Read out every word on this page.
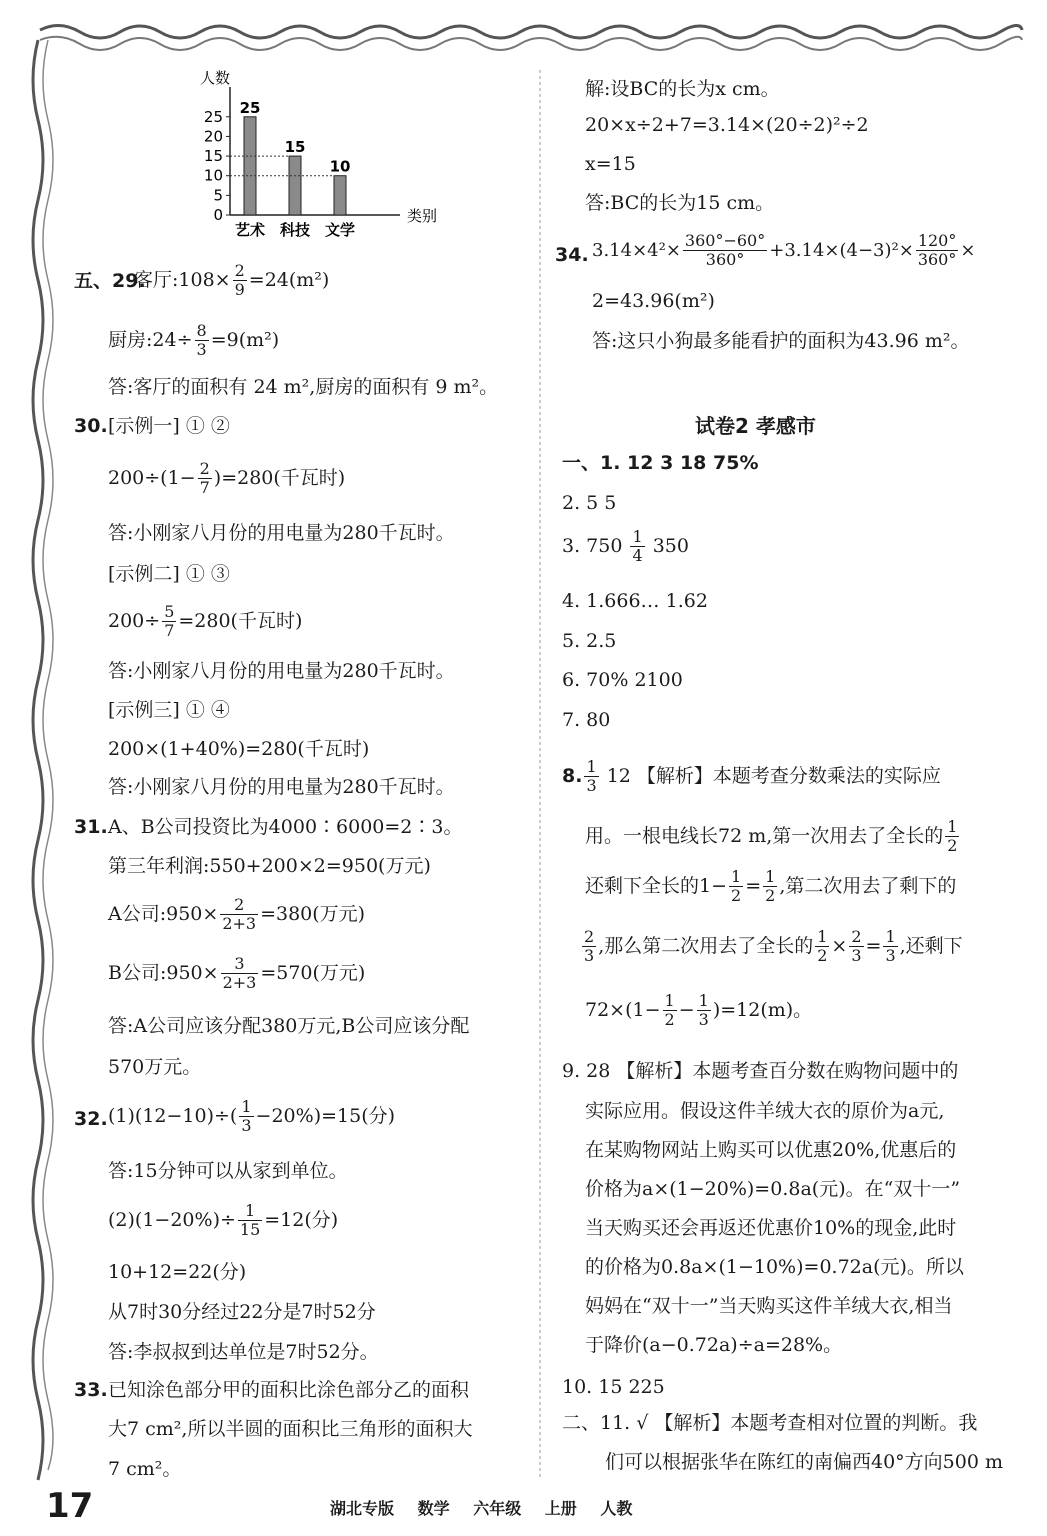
人数
类别
0
5
10
15
20
25 25
艺术
15
科技
10
文学
五、29.
客厅:108× $\frac{2}{9} =24(m^2)$
厨房:24÷ $\frac{8}{3} =9(m^2)$
答:客厅的面积有 24 m²,厨房的面积有 9 m²。
30. [示例一] ① ②
$200\div(1- \frac{2}{7} )=280$(千瓦时)
答:小刚家八月份的用电量为280千瓦时。
[示例二] ① ③
$200\div \frac{5}{7} =280$(千瓦时)
答:小刚家八月份的用电量为280千瓦时。
[示例三] ① ④
200×(1+40%)=280(千瓦时)
答:小刚家八月份的用电量为280千瓦时。
31. A、B公司投资比为4000∶6000=2∶3。
第三年利润:550+200×2=950(万元)
A公司:950× $\frac{2}{2+3} =380$(万元)
B公司:950× $\frac{3}{2+3} =570$(万元)
答:A公司应该分配380万元,B公司应该分配
570万元。
32. $(1)(12-10)\div( \frac{1}{3} -20\%)=15$(分)
答:15分钟可以从家到单位。
$(2)(1-20\%)\div \frac{1}{15} =12$(分)
10+12=22(分)
从7时30分经过22分是7时52分
答:李叔叔到达单位是7时52分。
33. 已知涂色部分甲的面积比涂色部分乙的面积
大7 cm²,所以半圆的面积比三角形的面积大
7 cm²。
解:设BC的长为x cm。
20×x÷2+7=3.14×(20÷2)²÷2
x=15
答:BC的长为15 cm。
34. $3.14\times 4^2\times \frac{360^\circ-60^\circ}{360^\circ} +3.14\times(4-3)^2\times \frac{120^\circ}{360^\circ}$ ×
2=43.96(m²)
答:这只小狗最多能看护的面积为43.96 m²。
试卷2 孝感市
一、1. 12 3 18 75%
2. 5 5
3. $750 \frac{1}{4} 350$
4. 1.666… 1.62
5. 2.5
6. 70% 2100
7. 80
8. $\frac{1}{3} 12$ 【解析】本题考查分数乘法的实际应
用。一根电线长72 m,第一次用去了全长的 $\frac{1}{2}$
还剩下全长的$1- \frac{1}{2} = \frac{1}{2}$ ,第二次用去了剩下的
$\frac{2}{3}$ ,那么第二次用去了全长的 $\frac{1}{2} \times \frac{2}{3} = \frac{1}{3}$ ,还剩下
$72\times(1- \frac{1}{2} - \frac{1}{3} )=12(m)$。
9. 28 【解析】本题考查百分数在购物问题中的
实际应用。假设这件羊绒大衣的原价为a元,
在某购物网站上购买可以优惠20%,优惠后的
价格为a×(1−20%)=0.8a(元)。在“双十一”
当天购买还会再返还优惠价10%的现金,此时
的价格为0.8a×(1−10%)=0.72a(元)。所以
妈妈在“双十一”当天购买这件羊绒大衣,相当
于降价(a−0.72a)÷a=28%。
10. 15 225
二、11. √ 【解析】本题考查相对位置的判断。我
们可以根据张华在陈红的南偏西40°方向500 m
17	湖北专版 数学 六年级 上册 人教
